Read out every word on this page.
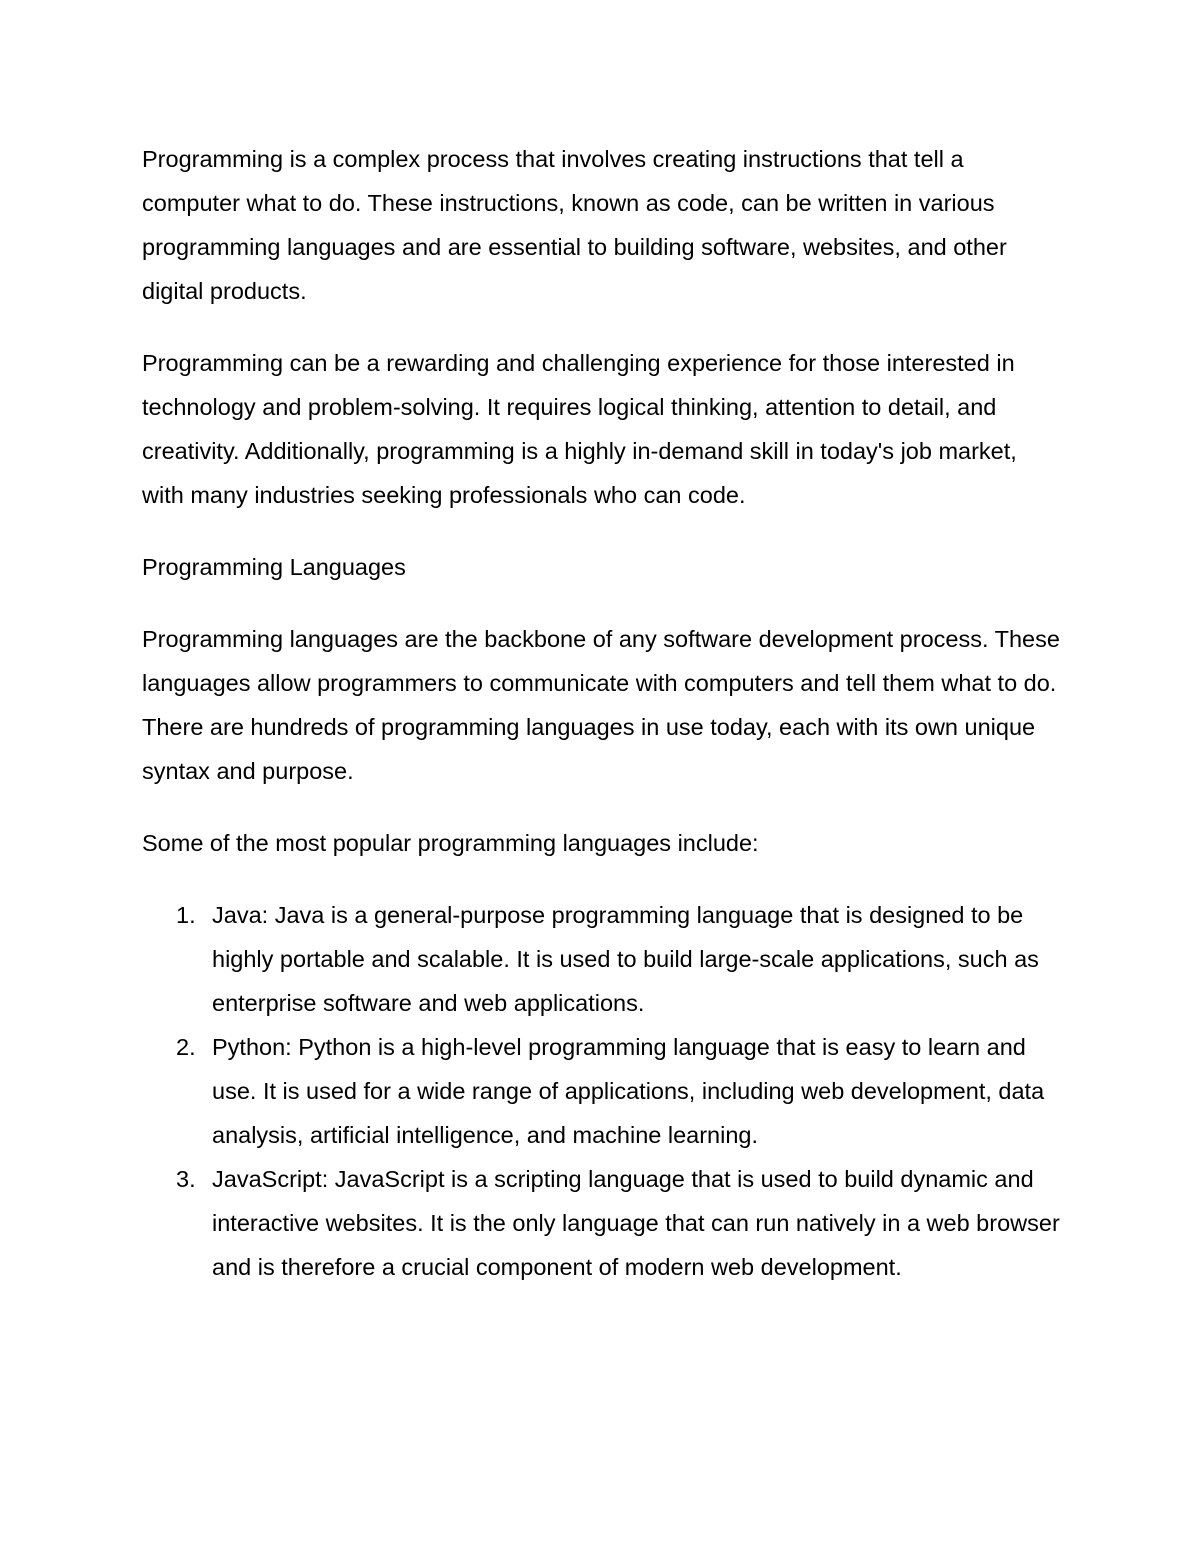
Programming is a complex process that involves creating instructions that tell a computer what to do. These instructions, known as code, can be written in various programming languages and are essential to building software, websites, and other digital products.

Programming can be a rewarding and challenging experience for those interested in technology and problem-solving. It requires logical thinking, attention to detail, and creativity. Additionally, programming is a highly in-demand skill in today's job market, with many industries seeking professionals who can code.

Programming Languages

Programming languages are the backbone of any software development process. These languages allow programmers to communicate with computers and tell them what to do. There are hundreds of programming languages in use today, each with its own unique syntax and purpose.

Some of the most popular programming languages include:

1. Java: Java is a general-purpose programming language that is designed to be highly portable and scalable. It is used to build large-scale applications, such as enterprise software and web applications.
2. Python: Python is a high-level programming language that is easy to learn and use. It is used for a wide range of applications, including web development, data analysis, artificial intelligence, and machine learning.
3. JavaScript: JavaScript is a scripting language that is used to build dynamic and interactive websites. It is the only language that can run natively in a web browser and is therefore a crucial component of modern web development.
